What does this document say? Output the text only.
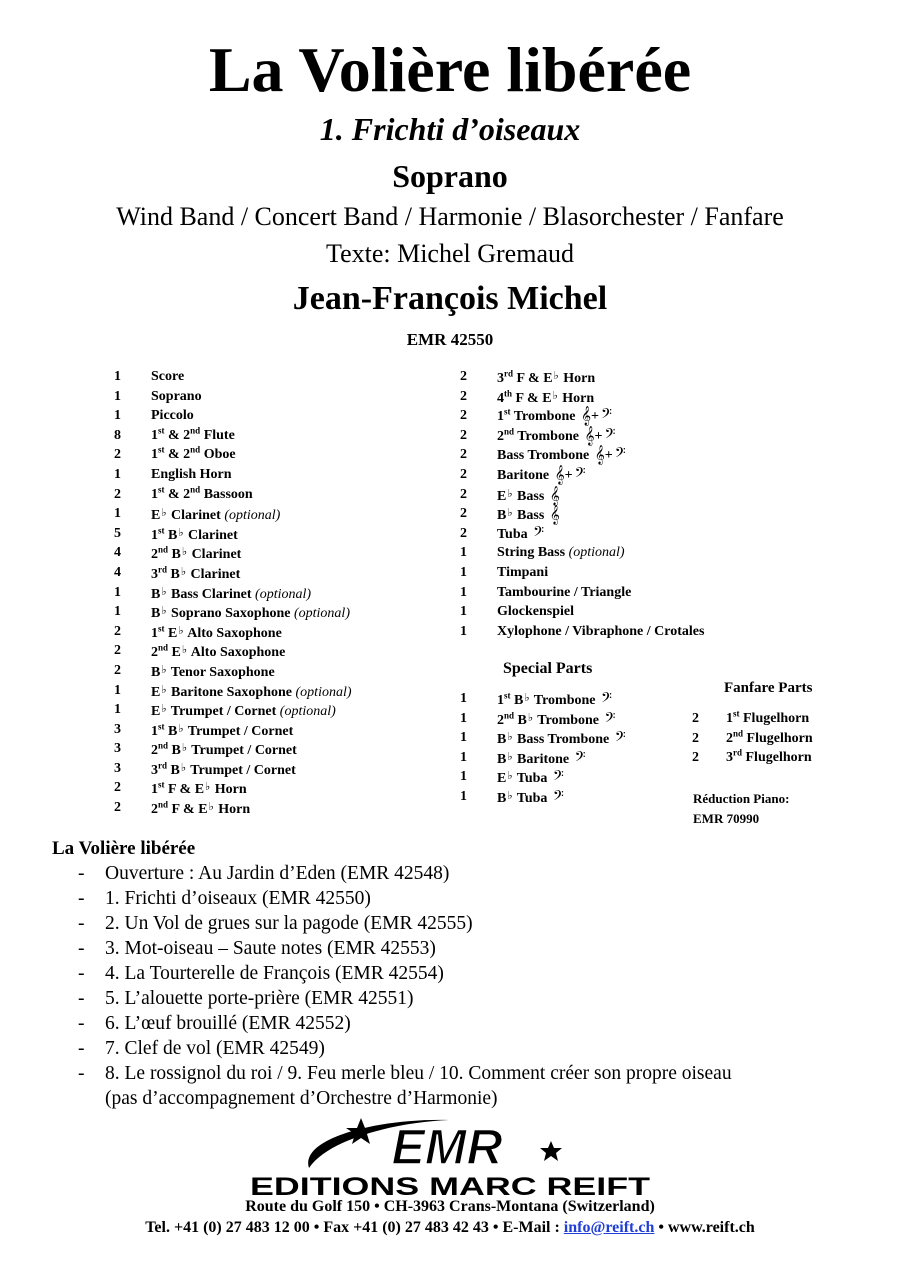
La Volière libérée
1. Frichti d’oiseaux
Soprano
Wind Band / Concert Band / Harmonie / Blasorchester / Fanfare
Texte: Michel Gremaud
Jean-François Michel
EMR 42550
1 Score
1 Soprano
1 Piccolo
8 1st & 2nd Flute
2 1st & 2nd Oboe
1 English Horn
2 1st & 2nd Bassoon
1 E♭ Clarinet (optional)
5 1st B♭ Clarinet
4 2nd B♭ Clarinet
4 3rd B♭ Clarinet
1 B♭ Bass Clarinet (optional)
1 B♭ Soprano Saxophone (optional)
2 1st E♭ Alto Saxophone
2 2nd E♭ Alto Saxophone
2 B♭ Tenor Saxophone
1 E♭ Baritone Saxophone (optional)
1 E♭ Trumpet / Cornet (optional)
3 1st B♭ Trumpet / Cornet
3 2nd B♭ Trumpet / Cornet
3 3rd B♭ Trumpet / Cornet
2 1st F & E♭ Horn
2 2nd F & E♭ Horn
2 3rd F & E♭ Horn
2 4th F & E♭ Horn
2 1st Trombone 𝄞+ 𝄢
2 2nd Trombone 𝄞+ 𝄢
2 Bass Trombone 𝄞+ 𝄢
2 Baritone 𝄞+ 𝄢
2 E♭ Bass 𝄞
2 B♭ Bass 𝄞
2 Tuba 𝄢
1 String Bass (optional)
1 Timpani
1 Tambourine / Triangle
1 Glockenspiel
1 Xylophone / Vibraphone / Crotales
Special Parts
1 1st B♭ Trombone 𝄢
1 2nd B♭ Trombone 𝄢
1 B♭ Bass Trombone 𝄢
1 B♭ Baritone 𝄢
1 E♭ Tuba 𝄢
1 B♭ Tuba 𝄢
Fanfare Parts
2 1st Flugelhorn
2 2nd Flugelhorn
2 3rd Flugelhorn
Réduction Piano:
EMR 70990
La Volière libérée
- Ouverture : Au Jardin d’Eden (EMR 42548)
- 1. Frichti d’oiseaux (EMR 42550)
- 2. Un Vol de grues sur la pagode (EMR 42555)
- 3. Mot-oiseau – Saute notes (EMR 42553)
- 4. La Tourterelle de François (EMR 42554)
- 5. L’alouette porte-prière (EMR 42551)
- 6. L’œuf brouillé (EMR 42552)
- 7. Clef de vol (EMR 42549)
- 8. Le rossignol du roi / 9. Feu merle bleu / 10. Comment créer son propre oiseau
(pas d’accompagnement d’Orchestre d’Harmonie)
EMR
EDITIONS MARC REIFT
Route du Golf 150 • CH-3963 Crans-Montana (Switzerland)
Tel. +41 (0) 27 483 12 00 • Fax +41 (0) 27 483 42 43 • E-Mail : info@reift.ch • www.reift.ch
